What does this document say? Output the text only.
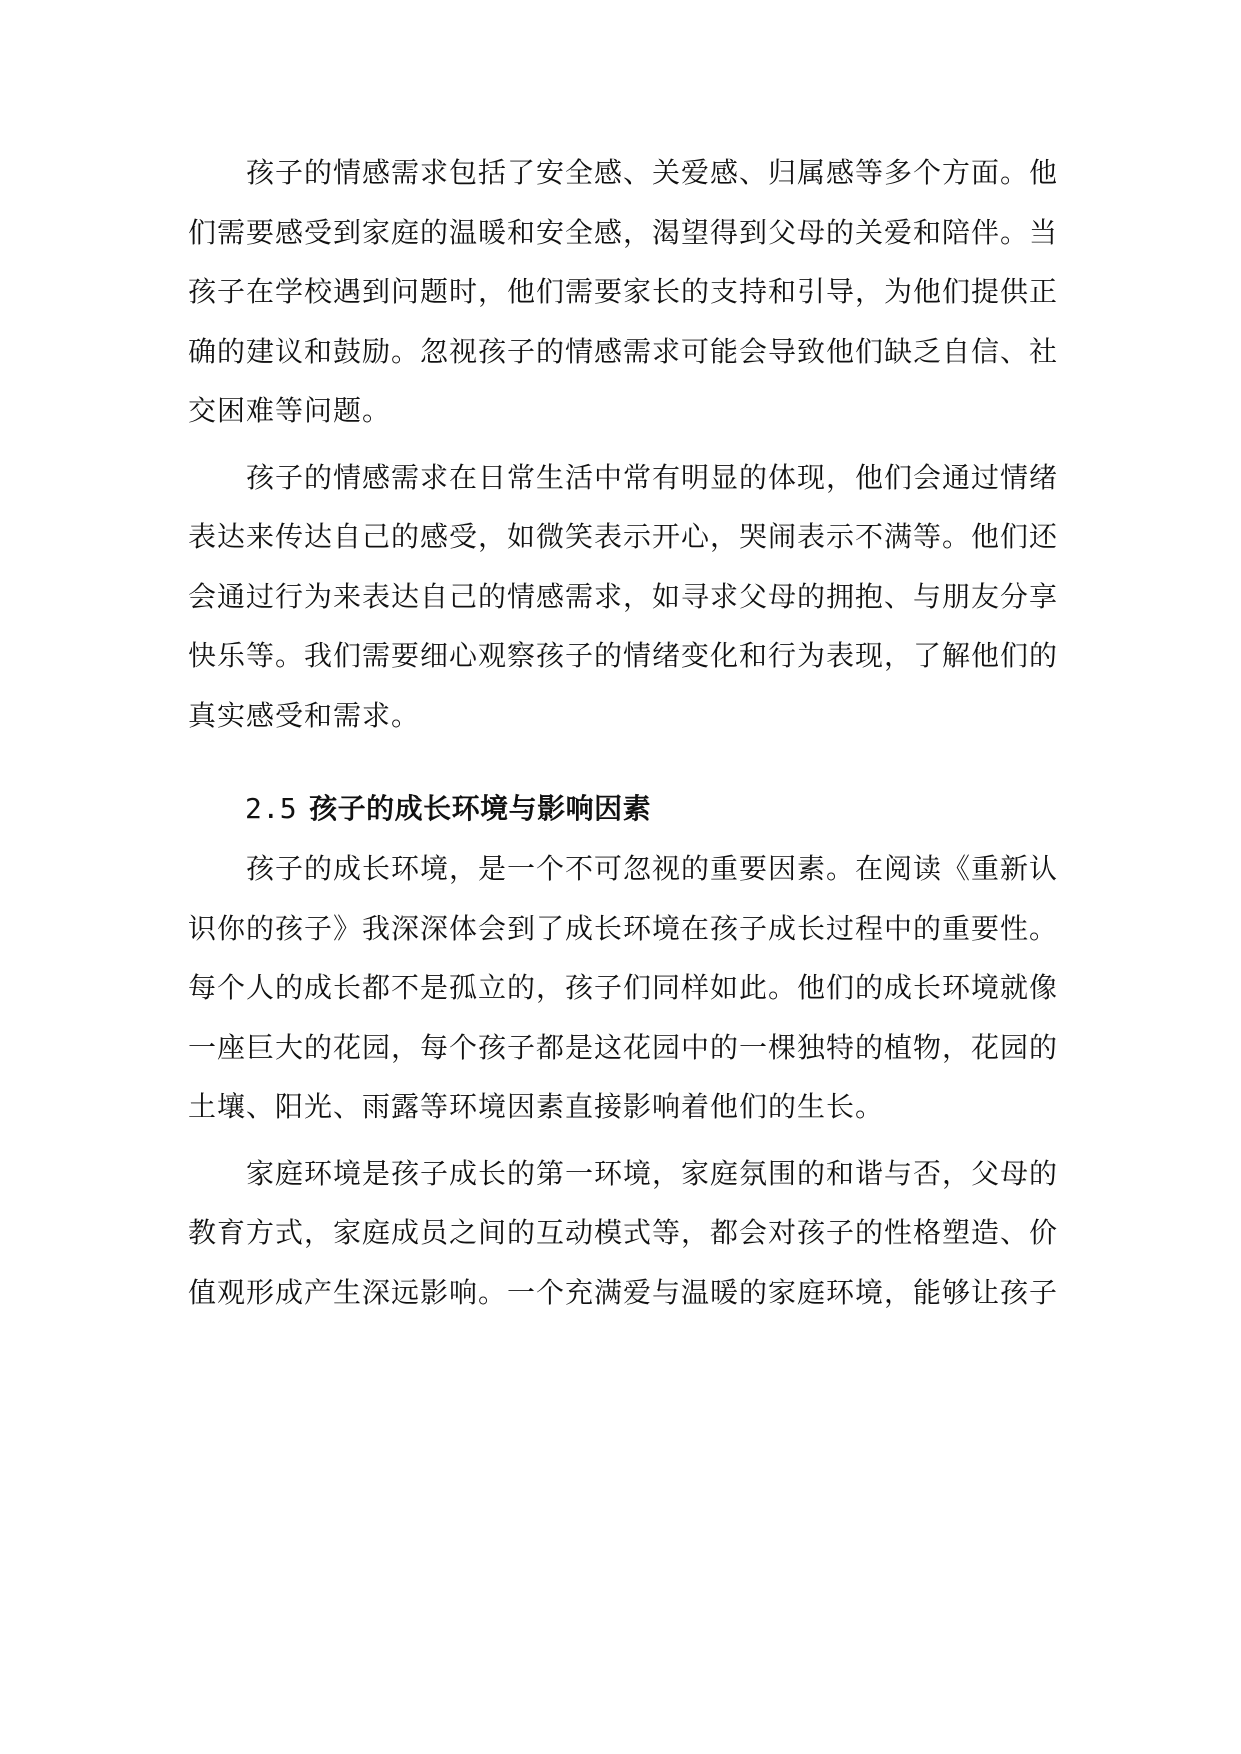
孩子的情感需求包括了安全感、关爱感、归属感等多个方面。他们需要感受到家庭的温暖和安全感，渴望得到父母的关爱和陪伴。当孩子在学校遇到问题时，他们需要家长的支持和引导，为他们提供正确的建议和鼓励。忽视孩子的情感需求可能会导致他们缺乏自信、社交困难等问题。

孩子的情感需求在日常生活中常有明显的体现，他们会通过情绪表达来传达自己的感受，如微笑表示开心，哭闹表示不满等。他们还会通过行为来表达自己的情感需求，如寻求父母的拥抱、与朋友分享快乐等。我们需要细心观察孩子的情绪变化和行为表现，了解他们的真实感受和需求。

2.5 孩子的成长环境与影响因素

孩子的成长环境，是一个不可忽视的重要因素。在阅读《重新认识你的孩子》我深深体会到了成长环境在孩子成长过程中的重要性。每个人的成长都不是孤立的，孩子们同样如此。他们的成长环境就像一座巨大的花园，每个孩子都是这花园中的一棵独特的植物，花园的土壤、阳光、雨露等环境因素直接影响着他们的生长。

家庭环境是孩子成长的第一环境，家庭氛围的和谐与否，父母的教育方式，家庭成员之间的互动模式等，都会对孩子的性格塑造、价值观形成产生深远影响。一个充满爱与温暖的家庭环境，能够让孩子
